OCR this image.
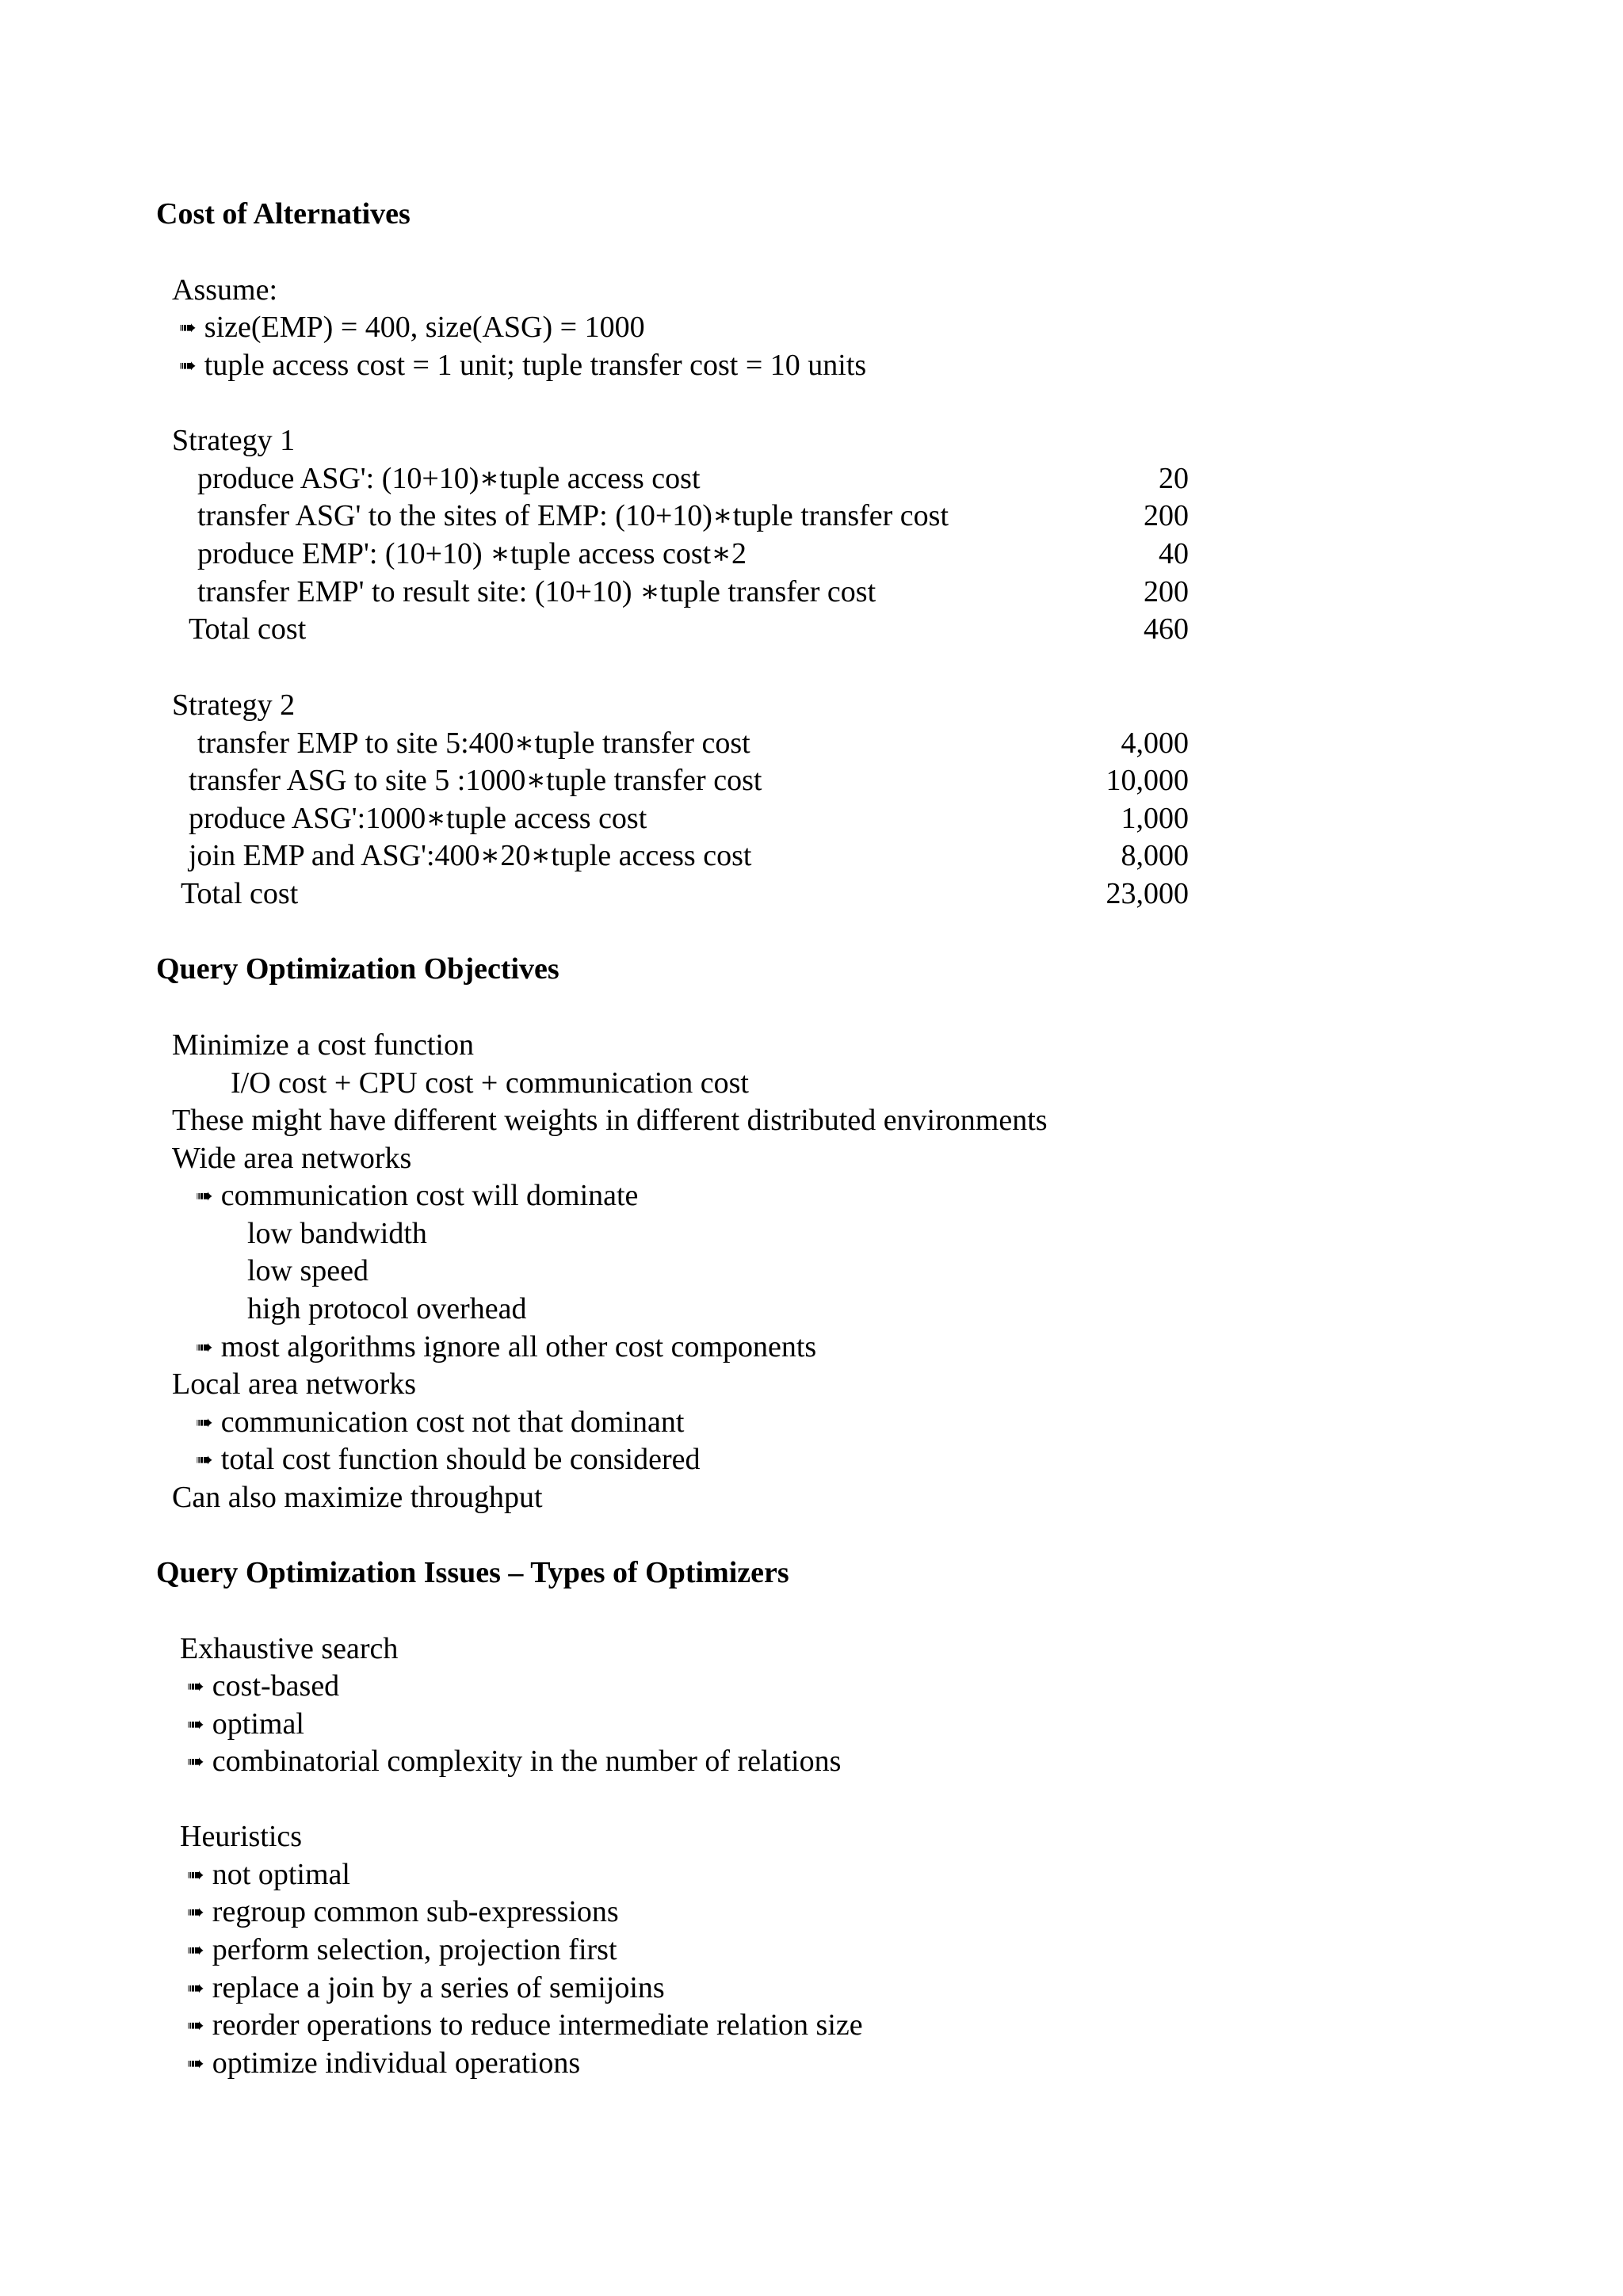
Cost of Alternatives
Assume:
➠ size(EMP) = 400, size(ASG) = 1000
➠ tuple access cost = 1 unit; tuple transfer cost = 10 units
Strategy 1
produce ASG': (10+10)∗tuple access cost	20
transfer ASG' to the sites of EMP: (10+10)∗tuple transfer cost	200
produce EMP': (10+10) ∗tuple access cost∗2	40
transfer EMP' to result site: (10+10) ∗tuple transfer cost	200
Total cost	460
Strategy 2
transfer EMP to site 5:400∗tuple transfer cost	4,000
transfer ASG to site 5 :1000∗tuple transfer cost	10,000
produce ASG':1000∗tuple access cost	1,000
join EMP and ASG':400∗20∗tuple access cost	8,000
Total cost	23,000
Query Optimization Objectives
Minimize a cost function
I/O cost + CPU cost + communication cost
These might have different weights in different distributed environments
Wide area networks
➠ communication cost will dominate
low bandwidth
low speed
high protocol overhead
➠ most algorithms ignore all other cost components
Local area networks
➠ communication cost not that dominant
➠ total cost function should be considered
Can also maximize throughput
Query Optimization Issues – Types of Optimizers
Exhaustive search
➠ cost-based
➠ optimal
➠ combinatorial complexity in the number of relations
Heuristics
➠ not optimal
➠ regroup common sub-expressions
➠ perform selection, projection first
➠ replace a join by a series of semijoins
➠ reorder operations to reduce intermediate relation size
➠ optimize individual operations
